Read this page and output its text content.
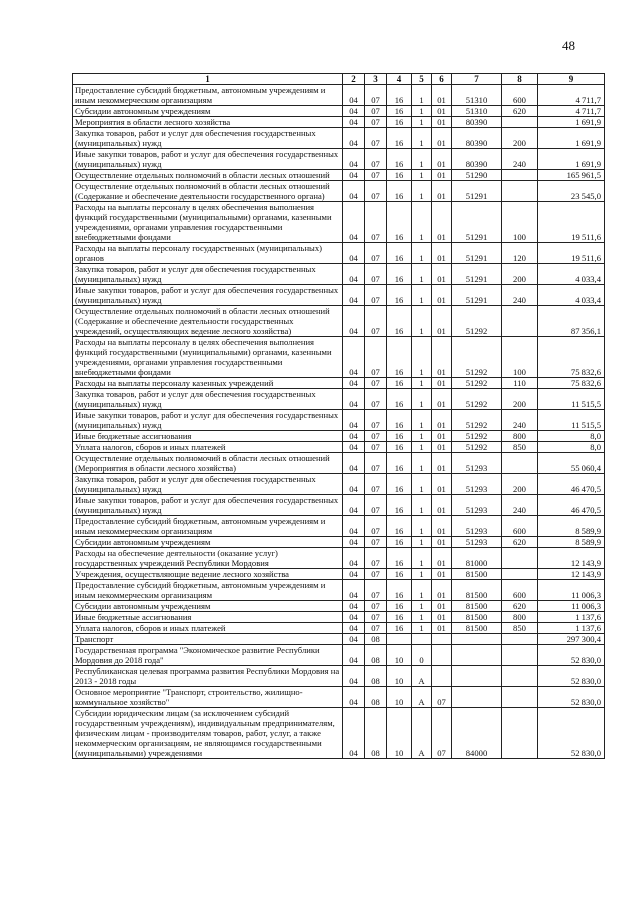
48
1	2	3	4	5	6	7	8	9
Предоставление субсидий бюджетным, автономным учреждениям и иным некоммерческим организациям	04	07	16	1	01	51310	600	4 711,7
Субсидии автономным учреждениям	04	07	16	1	01	51310	620	4 711,7
Мероприятия в области лесного хозяйства	04	07	16	1	01	80390		1 691,9
Закупка товаров, работ и услуг для обеспечения государственных (муниципальных) нужд	04	07	16	1	01	80390	200	1 691,9
Иные закупки товаров, работ и услуг для обеспечения государственных (муниципальных) нужд	04	07	16	1	01	80390	240	1 691,9
Осуществление отдельных полномочий в области лесных отношений	04	07	16	1	01	51290		165 961,5
Осуществление отдельных полномочий в области лесных отношений (Содержание и обеспечение деятельности государственного органа)	04	07	16	1	01	51291		23 545,0
Расходы на выплаты персоналу в целях обеспечения выполнения функций государственными (муниципальными) органами, казенными учреждениями, органами управления государственными внебюджетными фондами	04	07	16	1	01	51291	100	19 511,6
Расходы на выплаты персоналу государственных (муниципальных) органов	04	07	16	1	01	51291	120	19 511,6
Закупка товаров, работ и услуг для обеспечения государственных (муниципальных) нужд	04	07	16	1	01	51291	200	4 033,4
Иные закупки товаров, работ и услуг для обеспечения государственных (муниципальных) нужд	04	07	16	1	01	51291	240	4 033,4
Осуществление отдельных полномочий в области лесных отношений (Содержание и обеспечение деятельности государственных учреждений, осуществляющих ведение лесного хозяйства)	04	07	16	1	01	51292		87 356,1
Расходы на выплаты персоналу в целях обеспечения выполнения функций государственными (муниципальными) органами, казенными учреждениями, органами управления государственными внебюджетными фондами	04	07	16	1	01	51292	100	75 832,6
Расходы на выплаты персоналу казенных учреждений	04	07	16	1	01	51292	110	75 832,6
Закупка товаров, работ и услуг для обеспечения государственных (муниципальных) нужд	04	07	16	1	01	51292	200	11 515,5
Иные закупки товаров, работ и услуг для обеспечения государственных (муниципальных) нужд	04	07	16	1	01	51292	240	11 515,5
Иные бюджетные ассигнования	04	07	16	1	01	51292	800	8,0
Уплата налогов, сборов и иных платежей	04	07	16	1	01	51292	850	8,0
Осуществление отдельных полномочий в области лесных отношений (Мероприятия в области лесного хозяйства)	04	07	16	1	01	51293		55 060,4
Закупка товаров, работ и услуг для обеспечения государственных (муниципальных) нужд	04	07	16	1	01	51293	200	46 470,5
Иные закупки товаров, работ и услуг для обеспечения государственных (муниципальных) нужд	04	07	16	1	01	51293	240	46 470,5
Предоставление субсидий бюджетным, автономным учреждениям и иным некоммерческим организациям	04	07	16	1	01	51293	600	8 589,9
Субсидии автономным учреждениям	04	07	16	1	01	51293	620	8 589,9
Расходы на обеспечение деятельности (оказание услуг) государственных учреждений Республики Мордовия	04	07	16	1	01	81000		12 143,9
Учреждения, осуществляющие ведение лесного хозяйства	04	07	16	1	01	81500		12 143,9
Предоставление субсидий бюджетным, автономным учреждениям и иным некоммерческим организациям	04	07	16	1	01	81500	600	11 006,3
Субсидии автономным учреждениям	04	07	16	1	01	81500	620	11 006,3
Иные бюджетные ассигнования	04	07	16	1	01	81500	800	1 137,6
Уплата налогов, сборов и иных платежей	04	07	16	1	01	81500	850	1 137,6
Транспорт	04	08						297 300,4
Государственная программа "Экономическое развитие Республики Мордовия до 2018 года"	04	08	10	0				52 830,0
Республиканская целевая программа развития Республики Мордовия на 2013 - 2018 годы	04	08	10	А				52 830,0
Основное мероприятие "Транспорт, строительство, жилищно-коммунальное хозяйство"	04	08	10	А	07			52 830,0
Субсидии юридическим лицам (за исключением субсидий государственным учреждениям), индивидуальным предпринимателям, физическим лицам - производителям товаров, работ, услуг, а также некоммерческим организациям, не являющимся государственными (муниципальными) учреждениями	04	08	10	А	07	84000		52 830,0
